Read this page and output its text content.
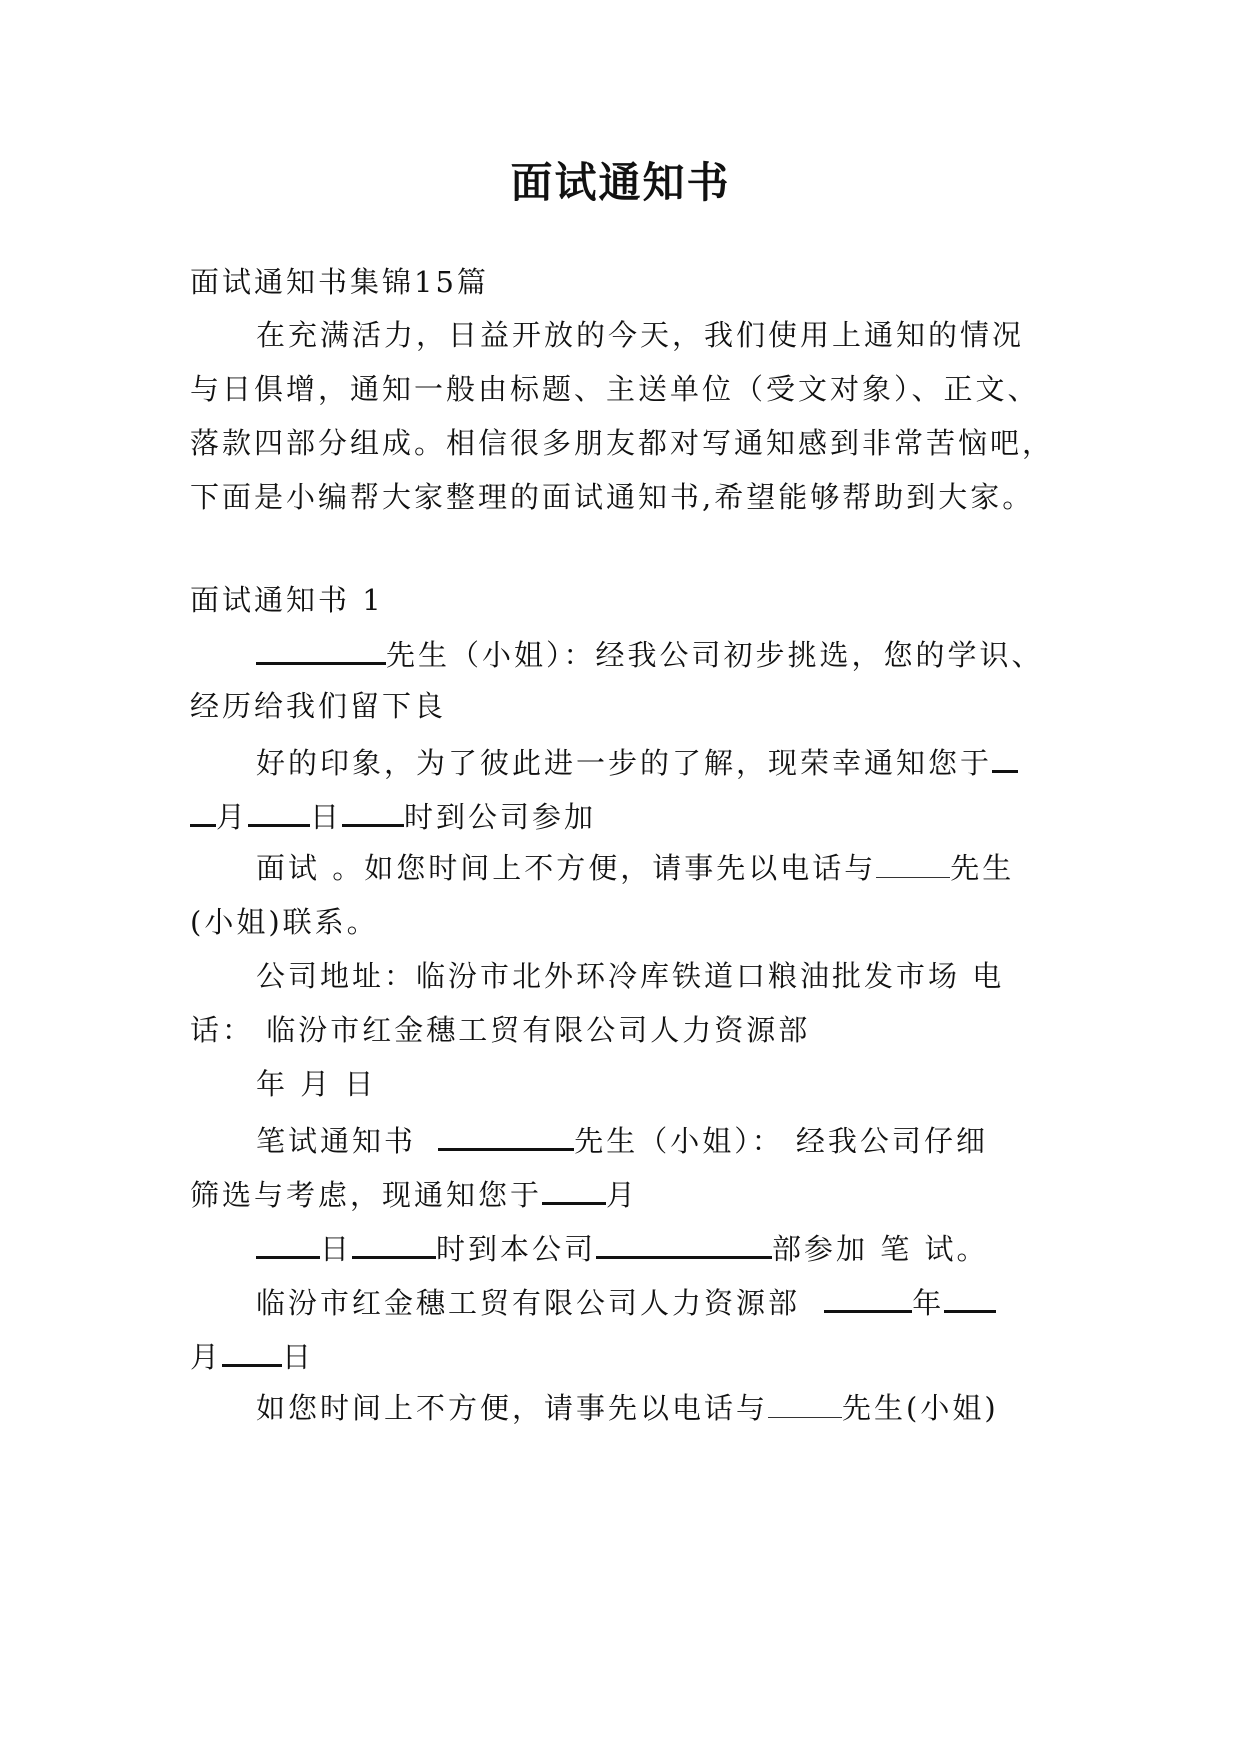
面试通知书
面试通知书集锦15篇
在充满活力，日益开放的今天，我们使用上通知的情况
与日俱增，通知一般由标题、主送单位（受文对象）、正文、
落款四部分组成。相信很多朋友都对写通知感到非常苦恼吧，
下面是小编帮大家整理的面试通知书,希望能够帮助到大家。
面试通知书 1
先生（小姐）：经我公司初步挑选，您的学识、
经历给我们留下良
好的印象，为了彼此进一步的了解，现荣幸通知您于
月 日 时到公司参加
面试 。如您时间上不方便，请事先以电话与	先生
(小姐)联系。
公司地址：临汾市北外环冷库铁道口粮油批发市场 电
话： 临汾市红金穗工贸有限公司人力资源部
年 月 日
笔试通知书	先生（小姐）： 经我公司仔细
筛选与考虑，现通知您于 月
日	时到本公司	部参加 笔 试。
临汾市红金穗工贸有限公司人力资源部	年
月 日
如您时间上不方便，请事先以电话与	先生(小姐)
